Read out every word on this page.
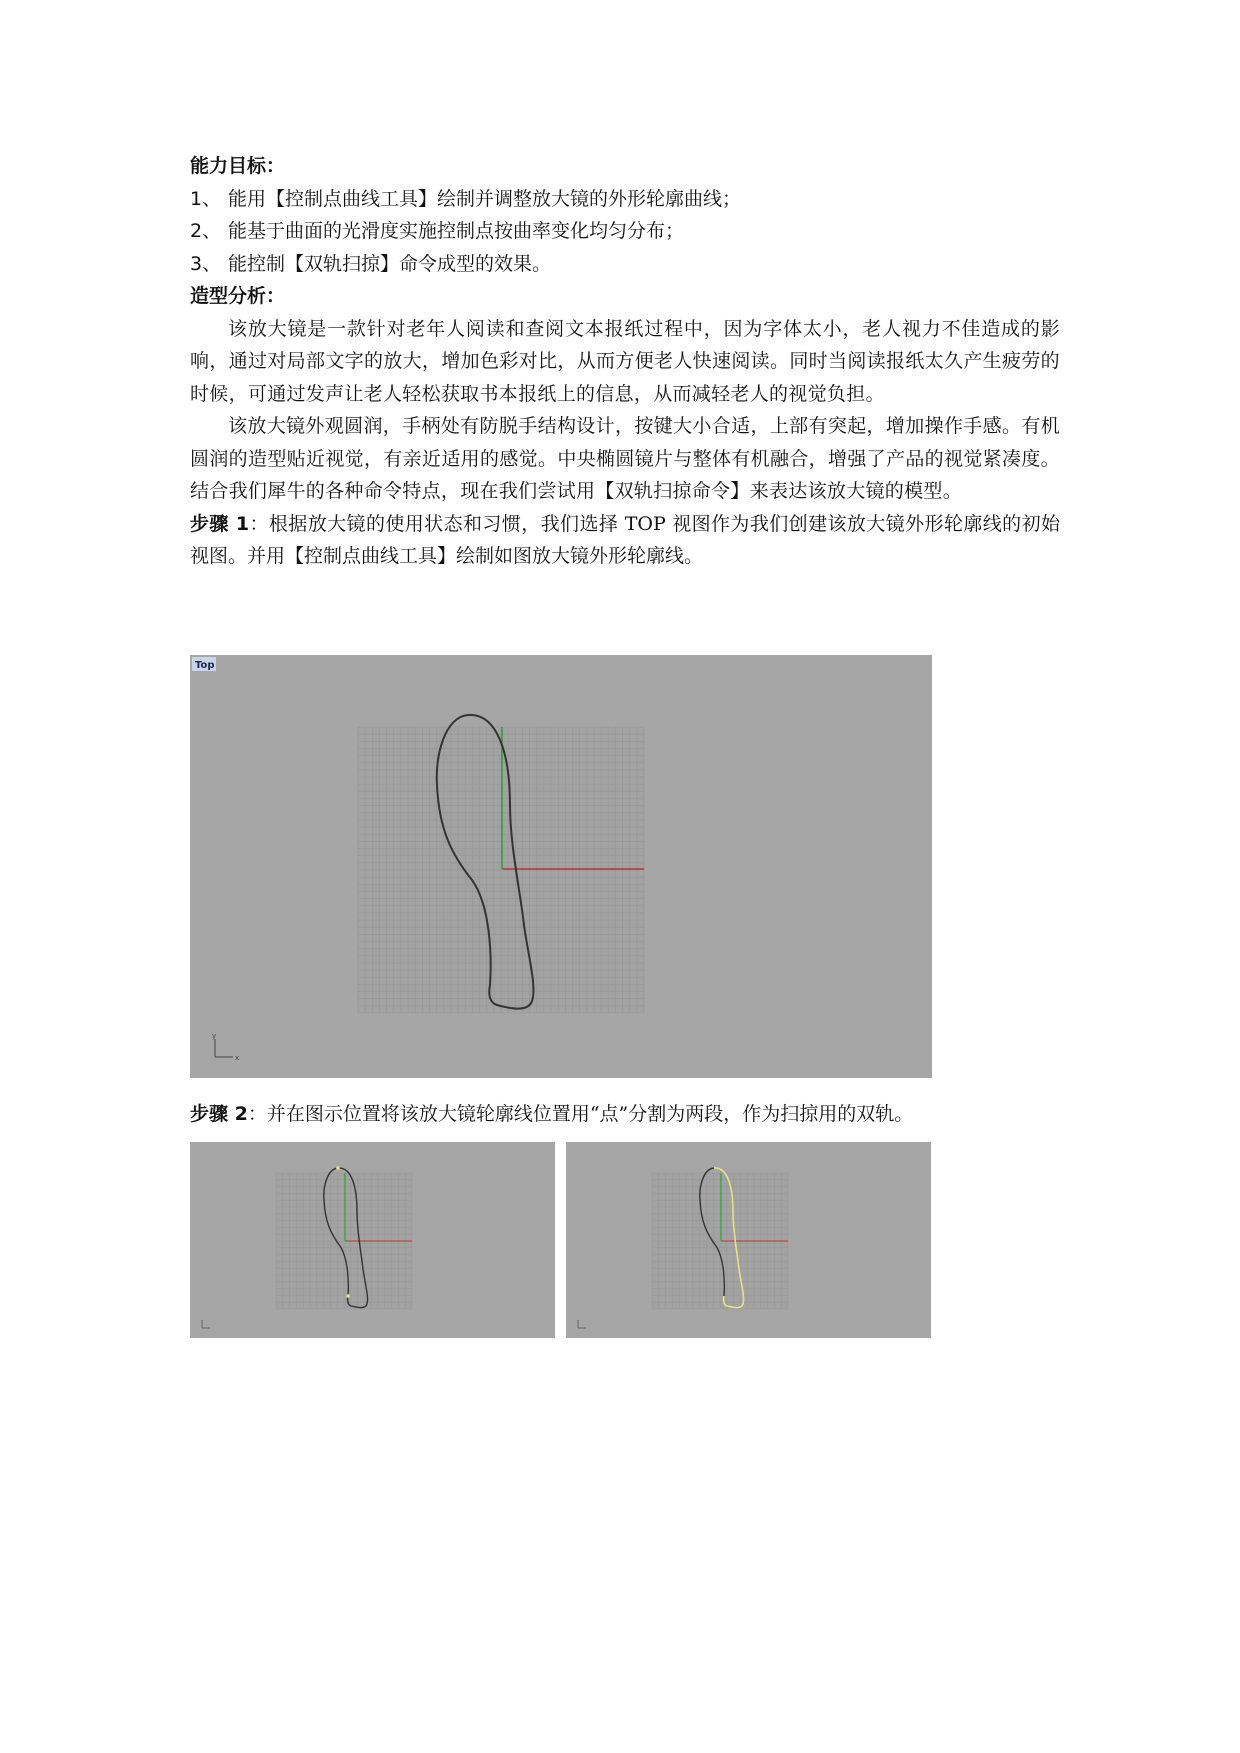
能力目标：

1、 能用【控制点曲线工具】绘制并调整放大镜的外形轮廓曲线；
2、 能基于曲面的光滑度实施控制点按曲率变化均匀分布；
3、 能控制【双轨扫掠】命令成型的效果。

造型分析：

该放大镜是一款针对老年人阅读和查阅文本报纸过程中，因为字体太小，老人视力不佳造成的影响，通过对局部文字的放大，增加色彩对比，从而方便老人快速阅读。同时当阅读报纸太久产生疲劳的时候，可通过发声让老人轻松获取书本报纸上的信息，从而减轻老人的视觉负担。

该放大镜外观圆润，手柄处有防脱手结构设计，按键大小合适，上部有突起，增加操作手感。有机圆润的造型贴近视觉，有亲近适用的感觉。中央椭圆镜片与整体有机融合，增强了产品的视觉紧凑度。结合我们犀牛的各种命令特点，现在我们尝试用【双轨扫掠命令】来表达该放大镜的模型。

步骤 1：根据放大镜的使用状态和习惯，我们选择 TOP 视图作为我们创建该放大镜外形轮廓线的初始视图。并用【控制点曲线工具】绘制如图放大镜外形轮廓线。

步骤 2：并在图示位置将该放大镜轮廓线位置用“点”分割为两段，作为扫掠用的双轨。

Top
y
x
